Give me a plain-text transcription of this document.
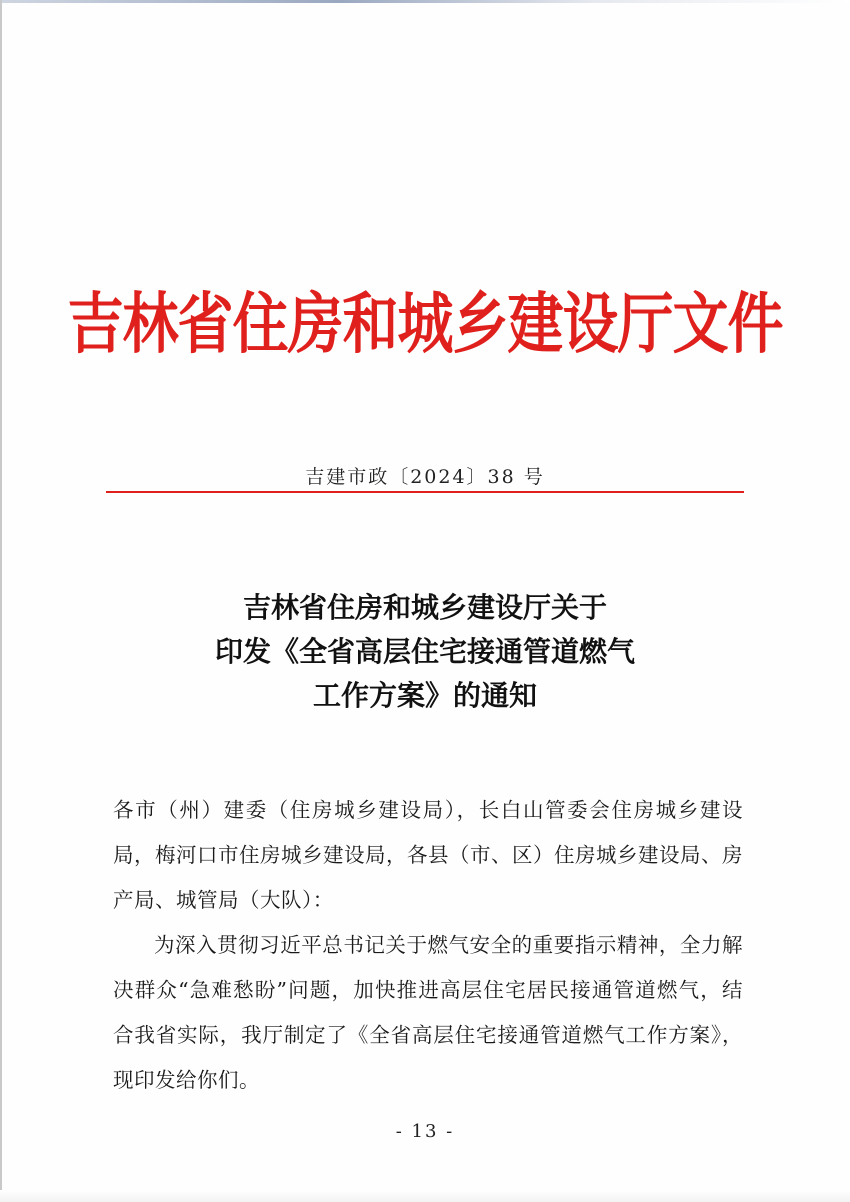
吉林省住房和城乡建设厅文件
吉建市政〔2024〕38 号
吉林省住房和城乡建设厅关于
印发《全省高层住宅接通管道燃气
工作方案》的通知

各市（州）建委（住房城乡建设局），长白山管委会住房城乡建设局，梅河口市住房城乡建设局，各县（市、区）住房城乡建设局、房产局、城管局（大队）：

为深入贯彻习近平总书记关于燃气安全的重要指示精神，全力解决群众“急难愁盼”问题，加快推进高层住宅居民接通管道燃气，结合我省实际，我厅制定了《全省高层住宅接通管道燃气工作方案》，现印发给你们。

- 13 -
